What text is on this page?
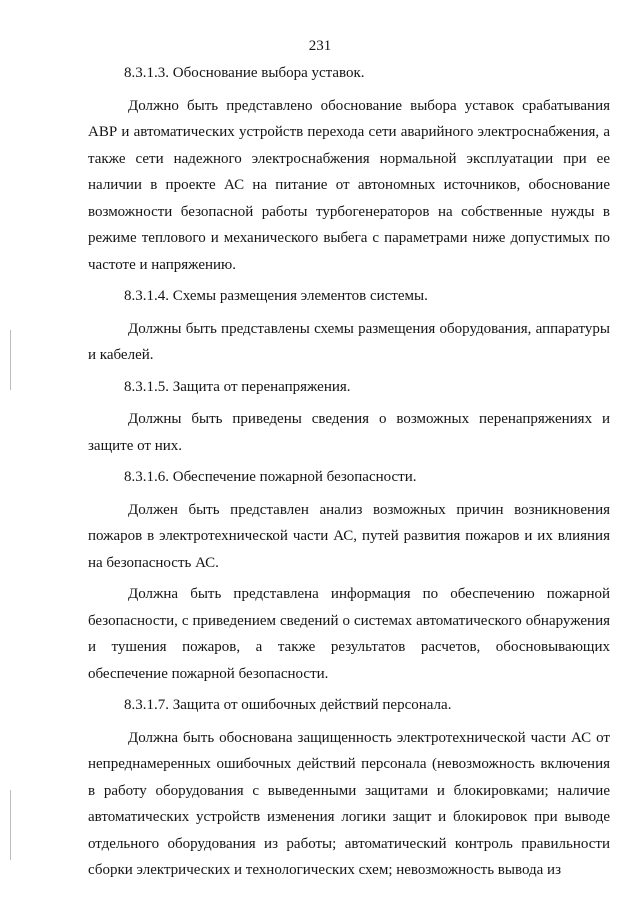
231

8.3.1.3. Обоснование выбора уставок.

Должно быть представлено обоснование выбора уставок срабатывания АВР и автоматических устройств перехода сети аварийного электроснабжения, а также сети надежного электроснабжения нормальной эксплуатации при ее наличии в проекте АС на питание от автономных источников, обоснование возможности безопасной работы турбогенераторов на собственные нужды в режиме теплового и механического выбега с параметрами ниже допустимых по частоте и напряжению.

8.3.1.4. Схемы размещения элементов системы.

Должны быть представлены схемы размещения оборудования, аппаратуры и кабелей.

8.3.1.5. Защита от перенапряжения.

Должны быть приведены сведения о возможных перенапряжениях и защите от них.

8.3.1.6. Обеспечение пожарной безопасности.

Должен быть представлен анализ возможных причин возникновения пожаров в электротехнической части АС, путей развития пожаров и их влияния на безопасность АС.

Должна быть представлена информация по обеспечению пожарной безопасности, с приведением сведений о системах автоматического обнаружения и тушения пожаров, а также результатов расчетов, обосновывающих обеспечение пожарной безопасности.

8.3.1.7. Защита от ошибочных действий персонала.

Должна быть обоснована защищенность электротехнической части АС от непреднамеренных ошибочных действий персонала (невозможность включения в работу оборудования с выведенными защитами и блокировками; наличие автоматических устройств изменения логики защит и блокировок при выводе отдельного оборудования из работы; автоматический контроль правильности сборки электрических и технологических схем; невозможность вывода из
